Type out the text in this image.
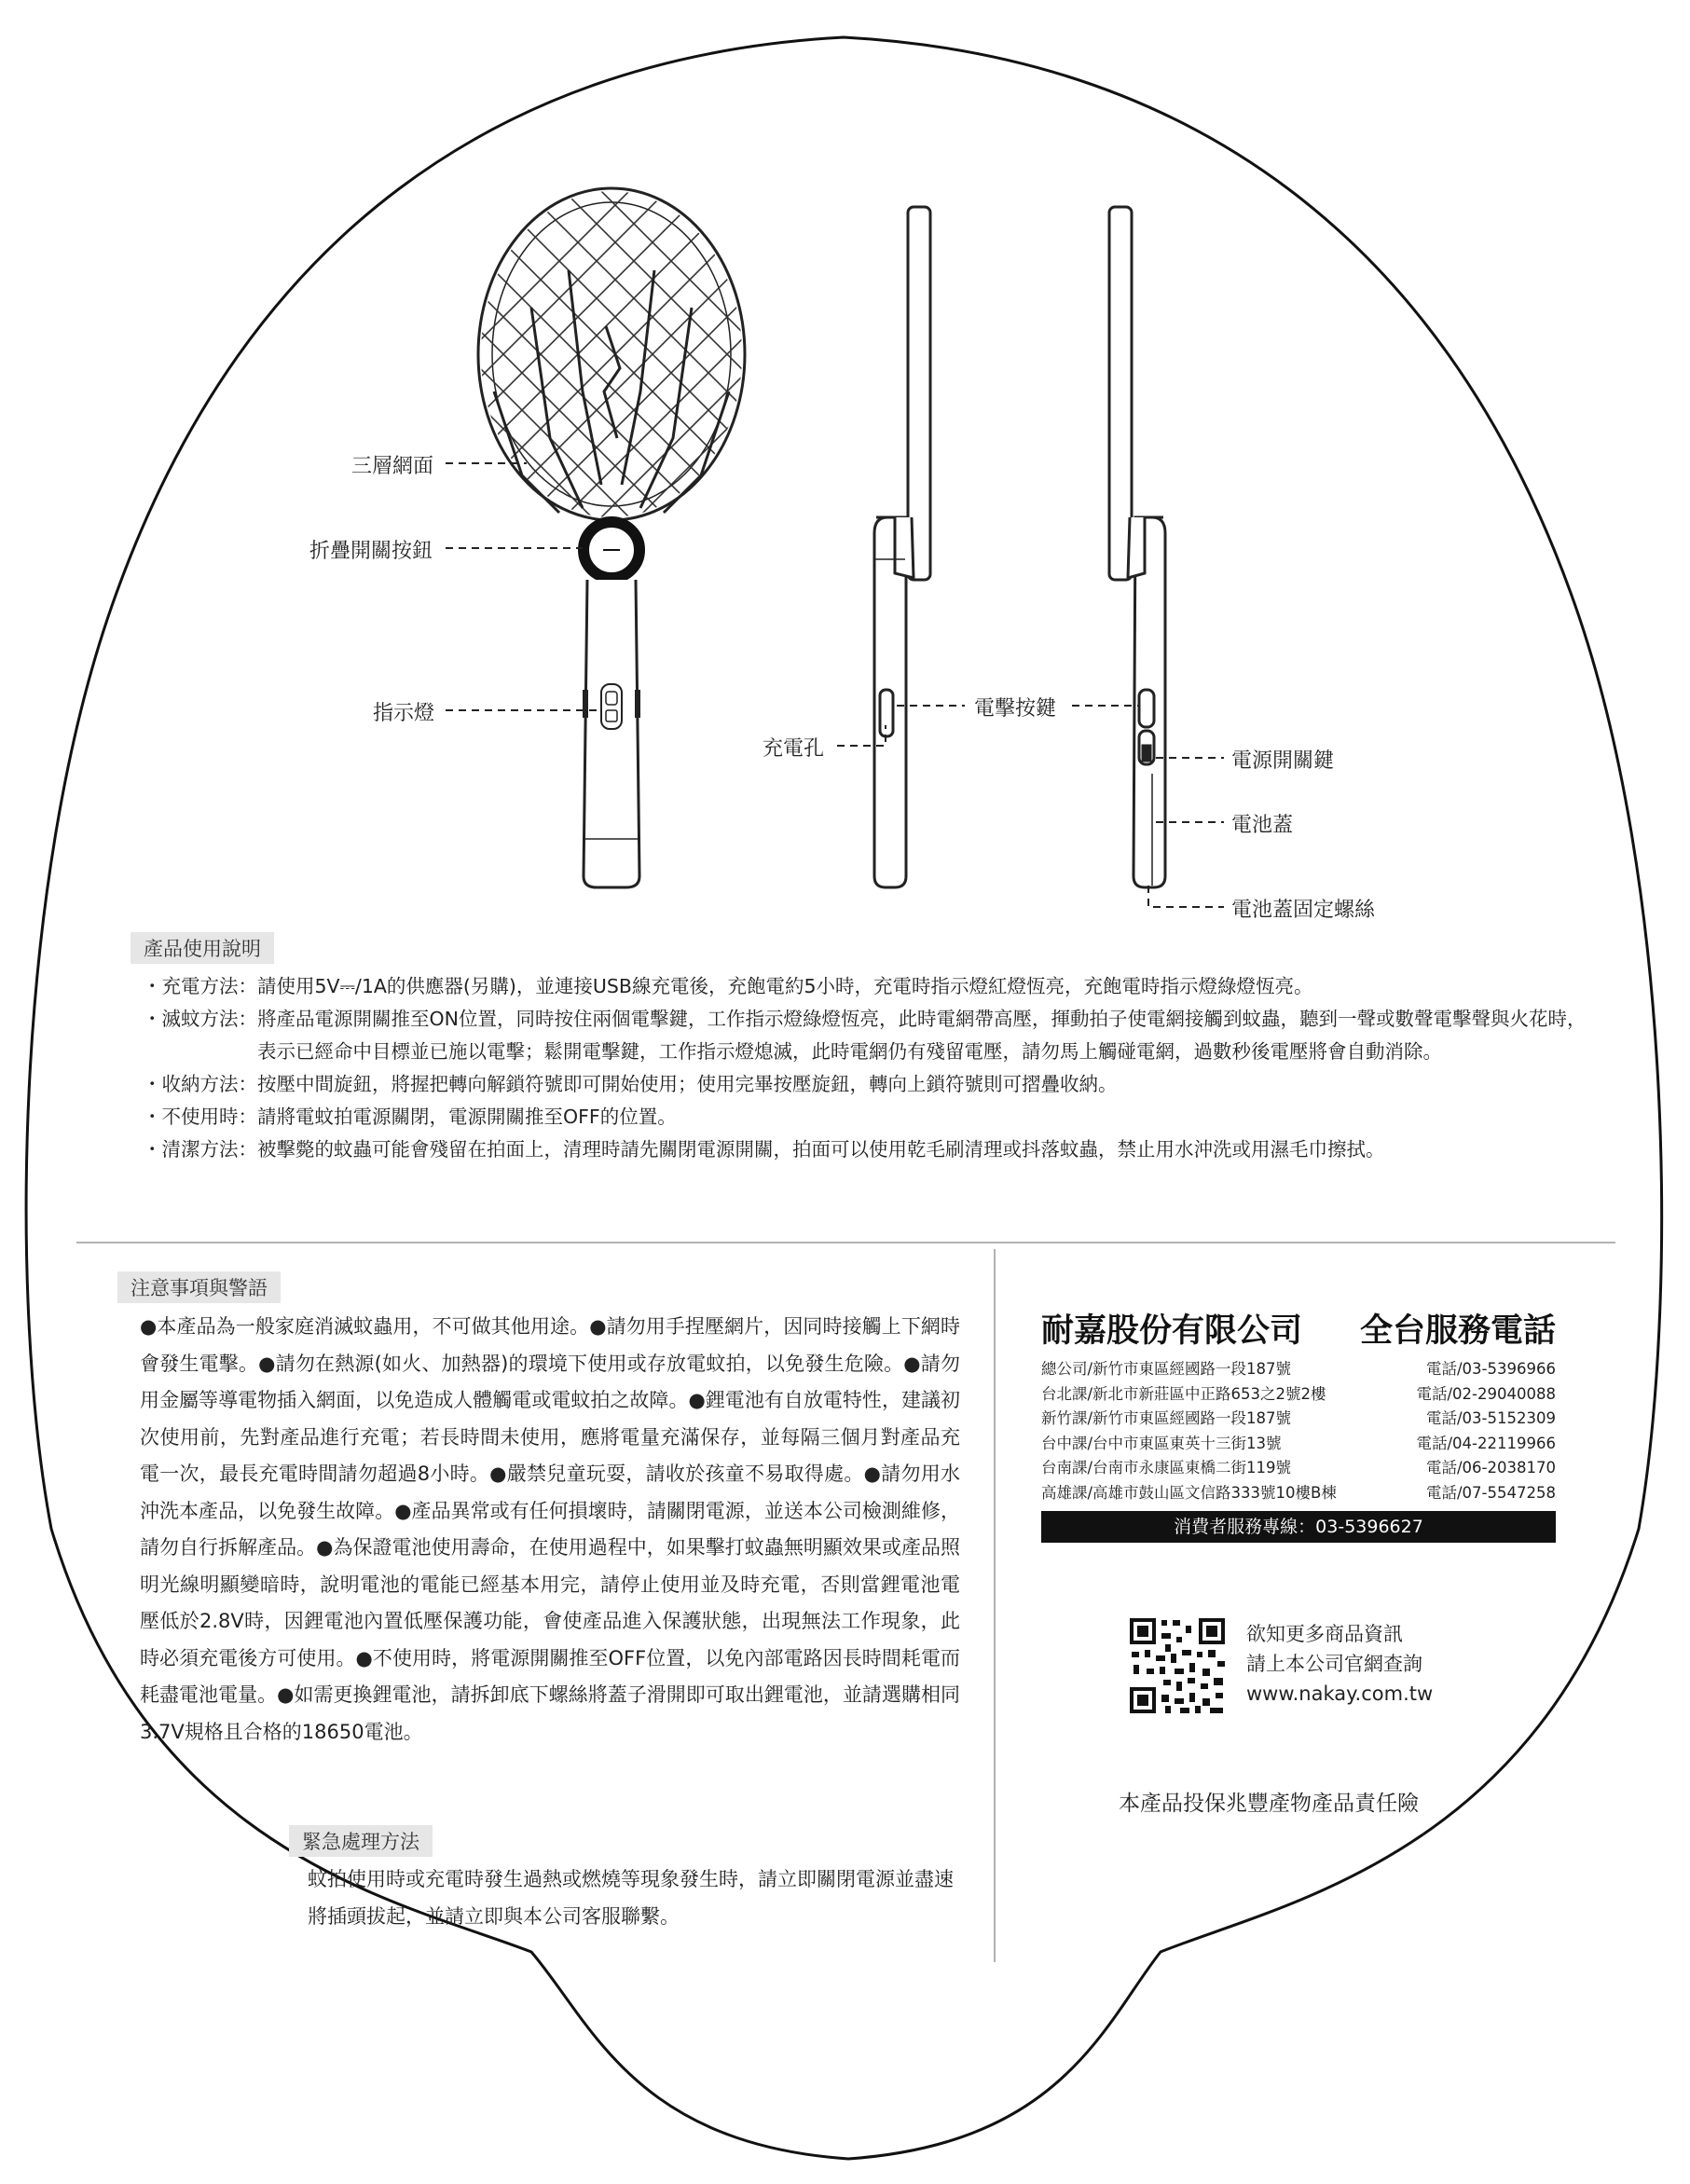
三層網面
折疊開關按鈕
指示燈
充電孔
電擊按鍵
電源開關鍵
電池蓋
電池蓋固定螺絲
產品使用說明
・充電方法： 請使用5V⎓/1A的供應器(另購)，並連接USB線充電後，充飽電約5小時，充電時指示燈紅燈恆亮，充飽電時指示燈綠燈恆亮。
・滅蚊方法： 將產品電源開關推至ON位置，同時按住兩個電擊鍵，工作指示燈綠燈恆亮，此時電網帶高壓，揮動拍子使電網接觸到蚊蟲，聽到一聲或數聲電擊聲與火花時，表示已經命中目標並已施以電擊；鬆開電擊鍵，工作指示燈熄滅，此時電網仍有殘留電壓，請勿馬上觸碰電網，過數秒後電壓將會自動消除。
・收納方法： 按壓中間旋鈕，將握把轉向解鎖符號即可開始使用；使用完畢按壓旋鈕，轉向上鎖符號則可摺疊收納。
・不使用時： 請將電蚊拍電源關閉，電源開關推至OFF的位置。
・清潔方法： 被擊斃的蚊蟲可能會殘留在拍面上，清理時請先關閉電源開關，拍面可以使用乾毛刷清理或抖落蚊蟲，禁止用水沖洗或用濕毛巾擦拭。
注意事項與警語
●本產品為一般家庭消滅蚊蟲用，不可做其他用途。●請勿用手捏壓網片，因同時接觸上下網時會發生電擊。●請勿在熱源(如火、加熱器)的環境下使用或存放電蚊拍，以免發生危險。●請勿用金屬等導電物插入網面，以免造成人體觸電或電蚊拍之故障。●鋰電池有自放電特性，建議初次使用前，先對產品進行充電；若長時間未使用，應將電量充滿保存，並每隔三個月對產品充電一次，最長充電時間請勿超過8小時。●嚴禁兒童玩耍，請收於孩童不易取得處。●請勿用水沖洗本產品，以免發生故障。●產品異常或有任何損壞時，請關閉電源，並送本公司檢測維修，請勿自行拆解產品。●為保證電池使用壽命，在使用過程中，如果擊打蚊蟲無明顯效果或產品照明光線明顯變暗時，說明電池的電能已經基本用完，請停止使用並及時充電，否則當鋰電池電壓低於2.8V時，因鋰電池內置低壓保護功能，會使產品進入保護狀態，出現無法工作現象，此時必須充電後方可使用。●不使用時，將電源開關推至OFF位置，以免內部電路因長時間耗電而耗盡電池電量。●如需更換鋰電池，請拆卸底下螺絲將蓋子滑開即可取出鋰電池，並請選購相同3.7V規格且合格的18650電池。
緊急處理方法
蚊拍使用時或充電時發生過熱或燃燒等現象發生時，請立即關閉電源並盡速將插頭拔起，並請立即與本公司客服聯繫。
耐嘉股份有限公司 全台服務電話
總公司/新竹市東區經國路一段187號	電話/03-5396966
台北課/新北市新莊區中正路653之2號2樓	電話/02-29040088
新竹課/新竹市東區經國路一段187號	電話/03-5152309
台中課/台中市東區東英十三街13號	電話/04-22119966
台南課/台南市永康區東橋二街119號	電話/06-2038170
高雄課/高雄市鼓山區文信路333號10樓B棟	電話/07-5547258
消費者服務專線：03-5396627
欲知更多商品資訊
請上本公司官網查詢
www.nakay.com.tw
本產品投保兆豐產物產品責任險
